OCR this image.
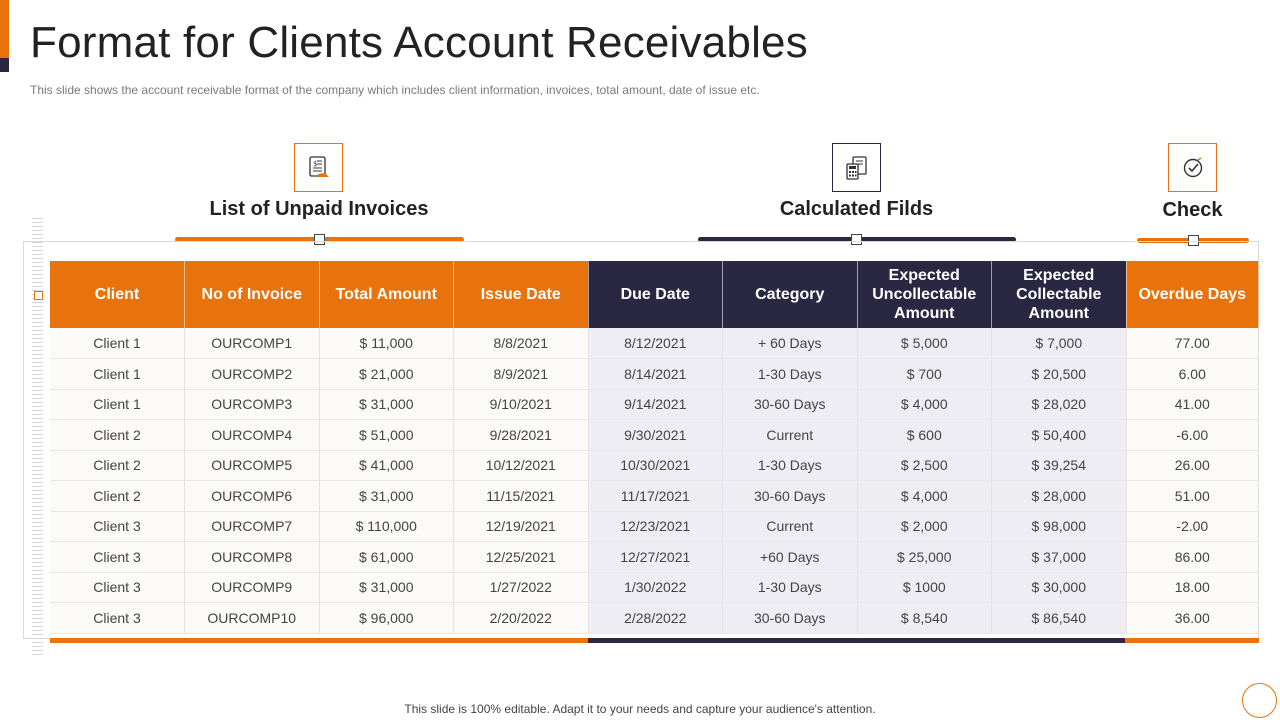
Format for Clients Account Receivables

This slide shows the account receivable format of the company which includes client information, invoices, total amount, date of issue etc.

$
List of Unpaid Invoices	Calculated Filds	Check
Client	No of Invoice	Total Amount	Issue Date	Due Date	Category	Expected Uncollectable Amount	Expected Collectable Amount	Overdue Days
Client 1	OURCOMP1	$ 11,000	8/8/2021	8/12/2021	+ 60 Days	$ 5,000	$ 7,000	77.00
Client 1	OURCOMP2	$ 21,000	8/9/2021	8/14/2021	1-30 Days	$ 700	$ 20,500	6.00
Client 1	OURCOMP3	$ 31,000	9/10/2021	9/14/2021	30-60 Days	$ 4,000	$ 28,020	41.00
Client 2	OURCOMP4	$ 51,000	9/28/2021	9/30/2021	Current	$ 600	$ 50,400	-6.00
Client 2	OURCOMP5	$ 41,000	10/12/2021	10/30/2021	1-30 Days	$ 2,500	$ 39,254	26.00
Client 2	OURCOMP6	$ 31,000	11/15/2021	11/17/2021	30-60 Days	$ 4,000	$ 28,000	51.00
Client 3	OURCOMP7	$ 110,000	12/19/2021	12/23/2021	Current	$ 2,000	$ 98,000	-2.00
Client 3	OURCOMP8	$ 61,000	12/25/2021	12/27/2021	+60 Days	$ 25,000	$ 37,000	86.00
Client 3	OURCOMP9	$ 31,000	1/27/2022	1/30/2022	1-30 Days	$ 1000	$ 30,000	18.00
Client 3	OURCOMP10	$ 96,000	2/20/2022	2/28/2022	30-60 Days	$ 8,540	$ 86,540	36.00
This slide is 100% editable. Adapt it to your needs and capture your audience's attention.
